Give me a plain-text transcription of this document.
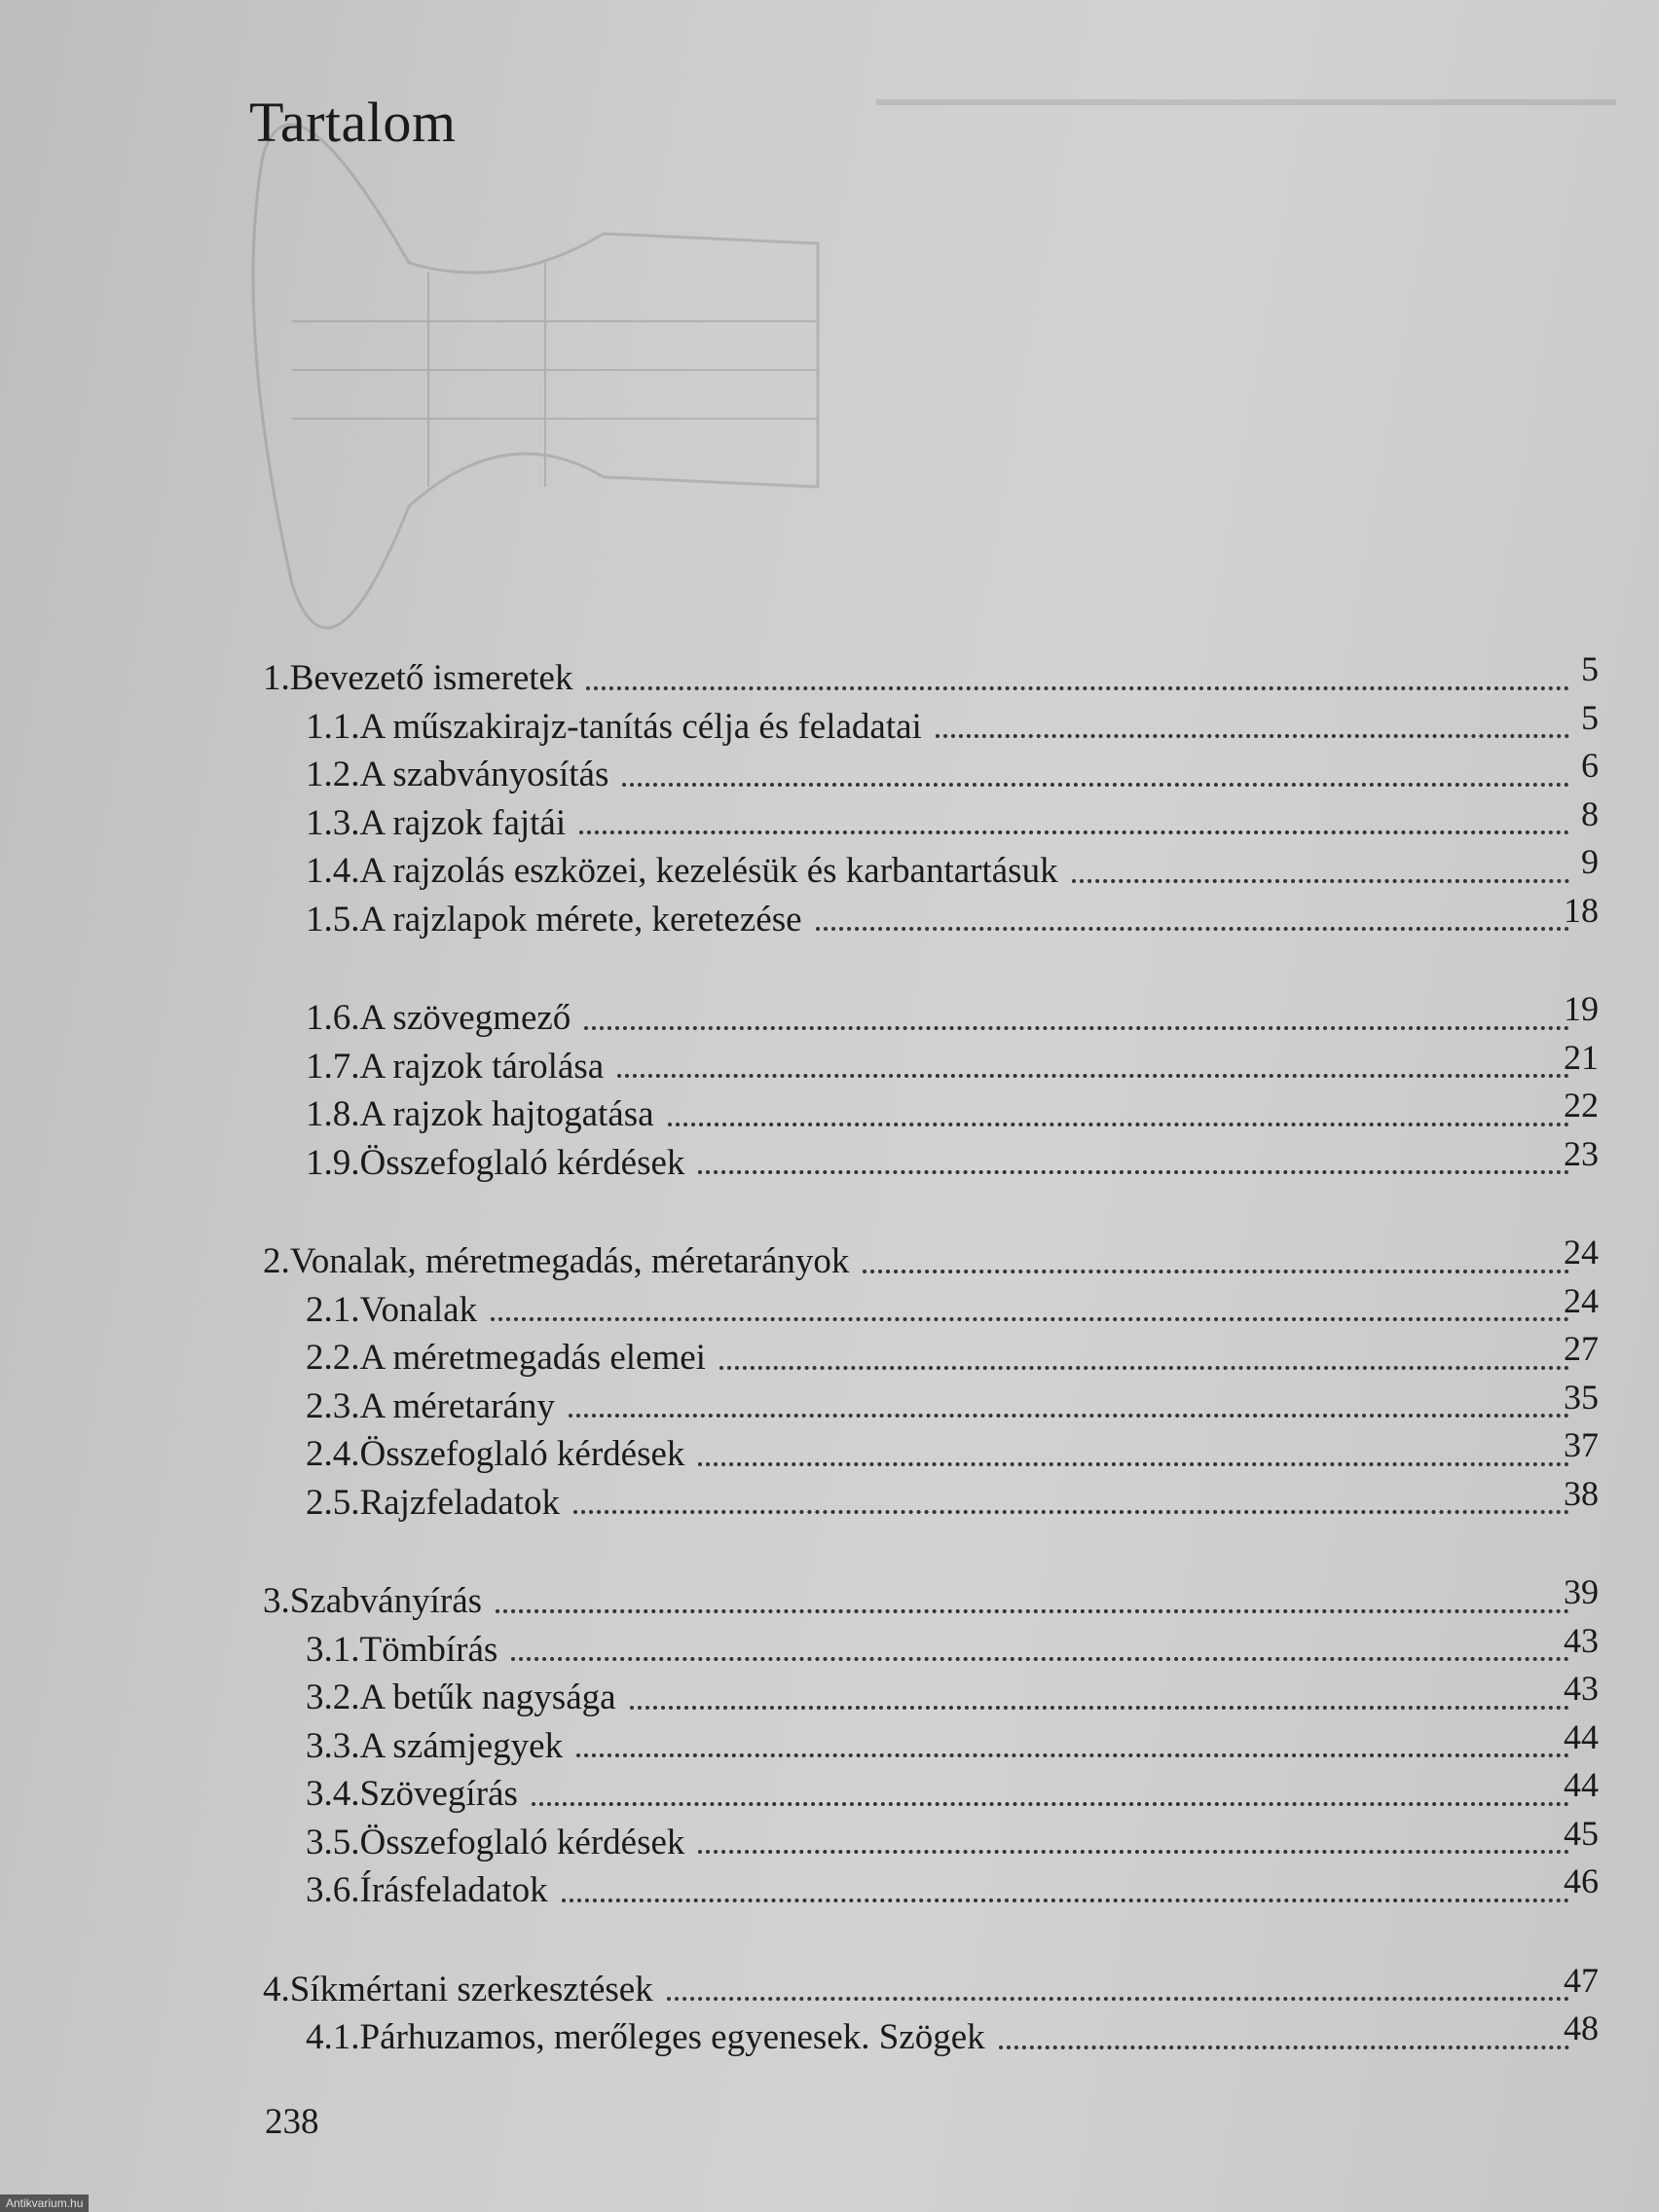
Tartalom
1. Bevezető ismeretek	5
1.1. A műszakirajz-tanítás célja és feladatai	5
1.2. A szabványosítás	6
1.3. A rajzok fajtái	8
1.4. A rajzolás eszközei, kezelésük és karbantartásuk	9
1.5. A rajzlapok mérete, keretezése	18
1.6. A szövegmező	19
1.7. A rajzok tárolása	21
1.8. A rajzok hajtogatása	22
1.9. Összefoglaló kérdések	23
2. Vonalak, méretmegadás, méretarányok	24
2.1. Vonalak	24
2.2. A méretmegadás elemei	27
2.3. A méretarány	35
2.4. Összefoglaló kérdések	37
2.5. Rajzfeladatok	38
3. Szabványírás	39
3.1. Tömbírás	43
3.2. A betűk nagysága	43
3.3. A számjegyek	44
3.4. Szövegírás	44
3.5. Összefoglaló kérdések	45
3.6. Írásfeladatok	46
4. Síkmértani szerkesztések	47
4.1. Párhuzamos, merőleges egyenesek. Szögek	48
238
Antikvarium.hu
